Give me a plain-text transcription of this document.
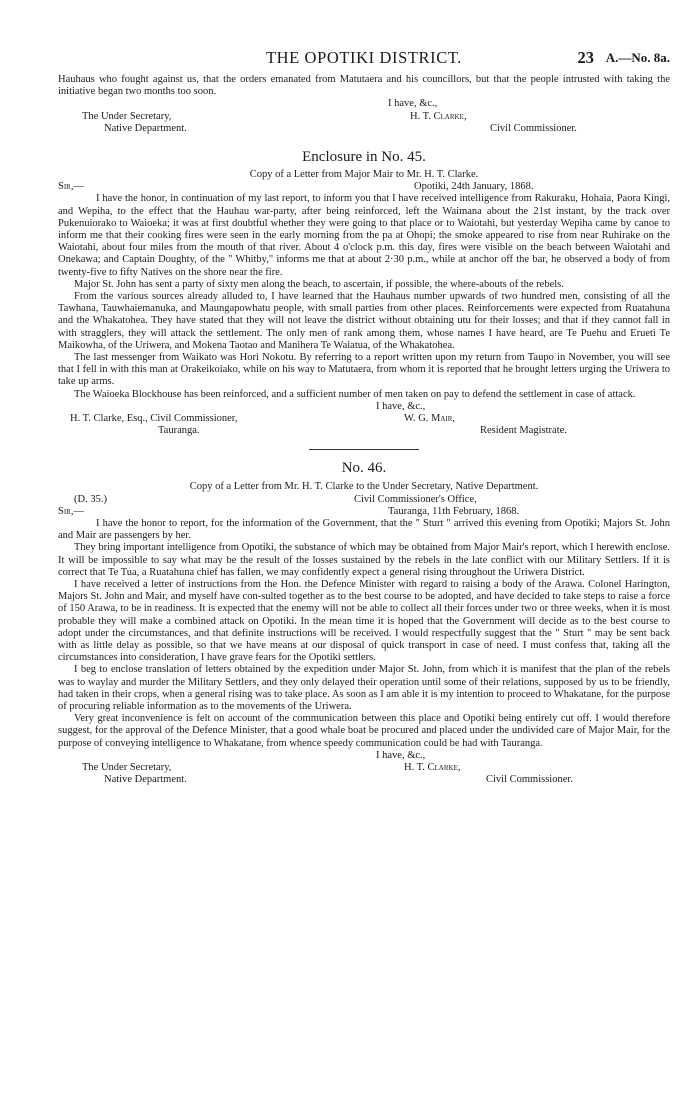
THE OPOTIKI DISTRICT.	23 A.—No. 8a.
Hauhaus who fought against us, that the orders emanated from Matutaera and his councillors, but that the people intrusted with taking the initiative began two months too soon.
I have, &c.,
The Under Secretary,	H. T. Clarke,
Native Department.	Civil Commissioner.
Enclosure in No. 45.
Copy of a Letter from Major Mair to Mr. H. T. Clarke.
Sir,—	Opotiki, 24th January, 1868.
I have the honor, in continuation of my last report, to inform you that I have received intelligence from Rakuraku, Hohaia, Paora Kingi, and Wepiha, to the effect that the Hauhau war-party, after being reinforced, left the Waimana about the 21st instant, by the track over Pukenuiorako to Waioeka; it was at first doubtful whether they were going to that place or to Waiotahi, but yesterday Wepiha came by canoe to inform me that their cooking fires were seen in the early morning from the pa at Ohopi; the smoke appeared to rise from near Ruhirake on the Waiotahi, about four miles from the mouth of that river. About 4 o'clock p.m. this day, fires were visible on the beach between Waiotahi and Onekawa; and Captain Doughty, of the " Whitby," informs me that at about 2·30 p.m., while at anchor off the bar, he observed a body of from twenty-five to fifty Natives on the shore near the fire.
Major St. John has sent a party of sixty men along the beach, to ascertain, if possible, the where-abouts of the rebels.
From the various sources already alluded to, I have learned that the Hauhaus number upwards of two hundred men, consisting of all the Tawhana, Tauwhaiemanuka, and Maungapowhatu people, with small parties from other places. Reinforcements were expected from Ruatahuna and the Whakatohea. They have stated that they will not leave the district without obtaining utu for their losses; and that if they cannot fall in with stragglers, they will attack the settlement. The only men of rank among them, whose names I have heard, are Te Puehu and Erueti Te Maikowha, of the Uriwera, and Mokena Taotao and Manihera Te Waiatua, of the Whakatohea.
The last messenger from Waikato was Hori Nokotu. By referring to a report written upon my return from Taupo in November, you will see that I fell in with this man at Orakeikoiako, while on his way to Matutaera, from whom it is reported that he brought letters urging the Uriwera to take up arms.
The Waioeka Blockhouse has been reinforced, and a sufficient number of men taken on pay to defend the settlement in case of attack.
I have, &c.,
H. T. Clarke, Esq., Civil Commissioner,	W. G. Mair,
Tauranga.	Resident Magistrate.
No. 46.
Copy of a Letter from Mr. H. T. Clarke to the Under Secretary, Native Department.
(D. 35.)	Civil Commissioner's Office,
Sir,—	Tauranga, 11th February, 1868.
I have the honor to report, for the information of the Government, that the " Sturt " arrived this evening from Opotiki; Majors St. John and Mair are passengers by her.
They bring important intelligence from Opotiki, the substance of which may be obtained from Major Mair's report, which I herewith enclose. It will be impossible to say what may be the result of the losses sustained by the rebels in the late conflict with our Military Settlers. If it is correct that Te Tua, a Ruatahuna chief has fallen, we may confidently expect a general rising throughout the Uriwera District.
I have received a letter of instructions from the Hon. the Defence Minister with regard to raising a body of the Arawa. Colonel Harington, Majors St. John and Mair, and myself have con-sulted together as to the best course to be adopted, and have decided to take steps to raise a force of 150 Arawa, to be in readiness. It is expected that the enemy will not be able to collect all their forces under two or three weeks, when it is most probable they will make a combined attack on Opotiki. In the mean time it is hoped that the Government will decide as to the best course to adopt under the circumstances, and that definite instructions will be received. I would respectfully suggest that the " Sturt " may be sent back with as little delay as possible, so that we have means at our disposal of quick transport in case of need. I must confess that, taking all the circumstances into consideration, I have grave fears for the Opotiki settlers.
I beg to enclose translation of letters obtained by the expedition under Major St. John, from which it is manifest that the plan of the rebels was to waylay and murder the Military Settlers, and they only delayed their operation until some of their relations, supposed by us to be friendly, had taken in their crops, when a general rising was to take place. As soon as I am able it is my intention to proceed to Whakatane, for the purpose of procuring reliable information as to the movements of the Uriwera.
Very great inconvenience is felt on account of the communication between this place and Opotiki being entirely cut off. I would therefore suggest, for the approval of the Defence Minister, that a good whale boat be procured and placed under the undivided care of Major Mair, for the purpose of conveying intelligence to Whakatane, from whence speedy communication could be had with Tauranga.
I have, &c.,
The Under Secretary,	H. T. Clarke,
Native Department.	Civil Commissioner.
